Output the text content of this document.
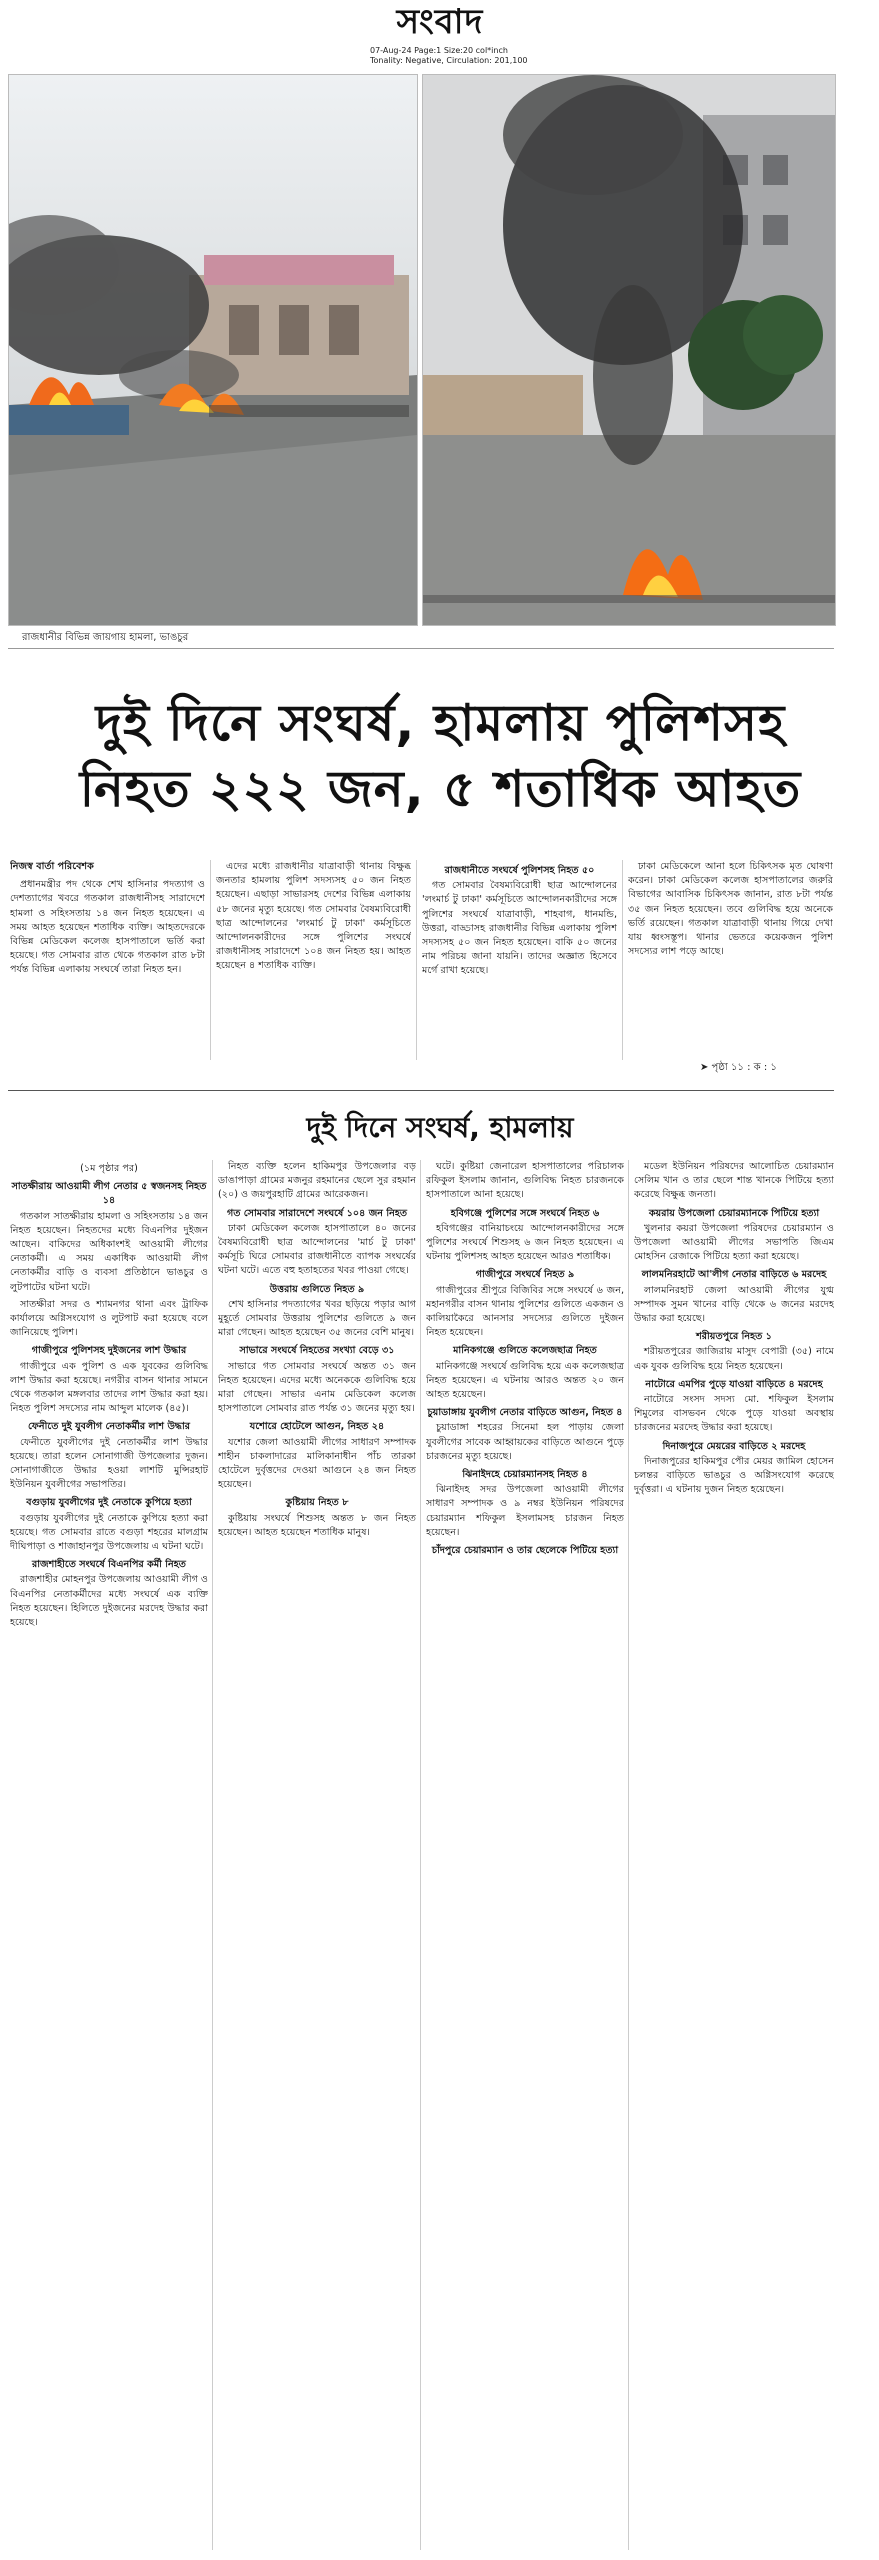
সংবাদ
07-Aug-24 Page:1 Size:20 col*inch
Tonality: Negative, Circulation: 201,100
রাজধানীর বিভিন্ন জায়গায় হামলা, ভাঙচুর
দুই দিনে সংঘর্ষ, হামলায় পুলিশসহ
নিহত ২২২ জন, ৫ শতাধিক আহত
নিজস্ব বার্তা পরিবেশক

প্রধানমন্ত্রীর পদ থেকে শেখ হাসিনার পদত্যাগ ও দেশত্যাগের খবরে গতকাল রাজধানীসহ সারাদেশে হামলা ও সহিংসতায় ১৪ জন নিহত হয়েছেন। এ সময় আহত হয়েছেন শতাধিক ব্যক্তি। আহতদেরকে বিভিন্ন মেডিকেল কলেজ হাসপাতালে ভর্তি করা হয়েছে। গত সোমবার রাত থেকে গতকাল রাত ৮টা পর্যন্ত বিভিন্ন এলাকায় সংঘর্ষে তারা নিহত হন।

এদের মধ্যে রাজধানীর যাত্রাবাড়ী থানায় বিক্ষুব্ধ জনতার হামলায় পুলিশ সদস্যসহ ৫০ জন নিহত হয়েছেন। এছাড়া সাভারসহ দেশের বিভিন্ন এলাকায় ৫৮ জনের মৃত্যু হয়েছে। গত সোমবার বৈষম্যবিরোধী ছাত্র আন্দোলনের 'লংমার্চ টু ঢাকা' কর্মসূচিতে আন্দোলনকারীদের সঙ্গে পুলিশের সংঘর্ষে রাজধানীসহ সারাদেশে ১০৪ জন নিহত হয়। আহত হয়েছেন ৪ শতাধিক ব্যক্তি।

রাজধানীতে সংঘর্ষে পুলিশসহ নিহত ৫০

গত সোমবার বৈষম্যবিরোধী ছাত্র আন্দোলনের 'লংমার্চ টু ঢাকা' কর্মসূচিতে আন্দোলনকারীদের সঙ্গে পুলিশের সংঘর্ষে যাত্রাবাড়ী, শাহবাগ, ধানমন্ডি, উত্তরা, বাড্ডাসহ রাজধানীর বিভিন্ন এলাকায় পুলিশ সদস্যসহ ৫০ জন নিহত হয়েছেন। বাকি ৫০ জনের নাম পরিচয় জানা যায়নি। তাদের অজ্ঞাত হিসেবে মর্গে রাখা হয়েছে।

ঢাকা মেডিকেলে আনা হলে চিকিৎসক মৃত ঘোষণা করেন। ঢাকা মেডিকেল কলেজ হাসপাতালের জরুরি বিভাগের আবাসিক চিকিৎসক জানান, রাত ৮টা পর্যন্ত ৩৫ জন নিহত হয়েছেন। তবে গুলিবিদ্ধ হয়ে অনেকে ভর্তি রয়েছেন। গতকাল যাত্রাবাড়ী থানায় গিয়ে দেখা যায় ধ্বংসস্তূপ। থানার ভেতরে কয়েকজন পুলিশ সদস্যের লাশ পড়ে আছে।

➤ পৃষ্ঠা ১১ : ক : ১
দুই দিনে সংঘর্ষ, হামলায়
(১ম পৃষ্ঠার পর)
সাতক্ষীরায় আওয়ামী লীগ নেতার ৫ স্বজনসহ নিহত ১৪

গতকাল সাতক্ষীরায় হামলা ও সহিংসতায় ১৪ জন নিহত হয়েছেন। নিহতদের মধ্যে বিএনপির দুইজন আছেন। বাকিদের অধিকাংশই আওয়ামী লীগের নেতাকর্মী। এ সময় একাধিক আওয়ামী লীগ নেতাকর্মীর বাড়ি ও ব্যবসা প্রতিষ্ঠানে ভাঙচুর ও লুটপাটের ঘটনা ঘটে।

সাতক্ষীরা সদর ও শ্যামনগর থানা এবং ট্রাফিক কার্যালয়ে অগ্নিসংযোগ ও লুটপাট করা হয়েছে বলে জানিয়েছে পুলিশ।

গাজীপুরে পুলিশসহ দুইজনের লাশ উদ্ধার

গাজীপুরে এক পুলিশ ও এক যুবকের গুলিবিদ্ধ লাশ উদ্ধার করা হয়েছে। নগরীর বাসন থানার সামনে থেকে গতকাল মঙ্গলবার তাদের লাশ উদ্ধার করা হয়। নিহত পুলিশ সদস্যের নাম আব্দুল মালেক (৪৫)।

ফেনীতে দুই যুবলীগ নেতাকর্মীর লাশ উদ্ধার

ফেনীতে যুবলীগের দুই নেতাকর্মীর লাশ উদ্ধার হয়েছে। তারা হলেন সোনাগাজী উপজেলার দুজন। সোনাগাজীতে উদ্ধার হওয়া লাশটি মুন্সিরহাট ইউনিয়ন যুবলীগের সভাপতির।

বগুড়ায় যুবলীগের দুই নেতাকে কুপিয়ে হত্যা

বগুড়ায় যুবলীগের দুই নেতাকে কুপিয়ে হত্যা করা হয়েছে। গত সোমবার রাতে বগুড়া শহরের মালগ্রাম দীঘিপাড়া ও শাজাহানপুর উপজেলায় এ ঘটনা ঘটে।

রাজশাহীতে সংঘর্ষে বিএনপির কর্মী নিহত

রাজশাহীর মোহনপুর উপজেলায় আওয়ামী লীগ ও বিএনপির নেতাকর্মীদের মধ্যে সংঘর্ষে এক ব্যক্তি নিহত হয়েছেন। হিলিতে দুইজনের মরদেহ উদ্ধার করা হয়েছে।

নিহত ব্যক্তি হলেন হাকিমপুর উপজেলার বড় ডাঙাপাড়া গ্রামের মজনুর রহমানের ছেলে সুর রহমান (২০) ও জয়পুরহাটি গ্রামের আরেকজন।

গত সোমবার সারাদেশে সংঘর্ষে ১০৪ জন নিহত

ঢাকা মেডিকেল কলেজ হাসপাতালে ৪০ জনের বৈষম্যবিরোধী ছাত্র আন্দোলনের 'মার্চ টু ঢাকা' কর্মসূচি ঘিরে সোমবার রাজধানীতে ব্যাপক সংঘর্ষের ঘটনা ঘটে। এতে বহু হতাহতের খবর পাওয়া গেছে।

উত্তরায় গুলিতে নিহত ৯

শেখ হাসিনার পদত্যাগের খবর ছড়িয়ে পড়ার আগ মুহূর্তে সোমবার উত্তরায় পুলিশের গুলিতে ৯ জন মারা গেছেন। আহত হয়েছেন ৩৫ জনের বেশি মানুষ।

সাভারে সংঘর্ষে নিহতের সংখ্যা বেড়ে ৩১

সাভারে গত সোমবার সংঘর্ষে অন্তত ৩১ জন নিহত হয়েছেন। এদের মধ্যে অনেককে গুলিবিদ্ধ হয়ে মারা গেছেন। সাভার এনাম মেডিকেল কলেজ হাসপাতালে সোমবার রাত পর্যন্ত ৩১ জনের মৃত্যু হয়।

যশোরে হোটেলে আগুন, নিহত ২৪

যশোর জেলা আওয়ামী লীগের সাধারণ সম্পাদক শাহীন চাকলাদারের মালিকানাধীন পাঁচ তারকা হোটেলে দুর্বৃত্তদের দেওয়া আগুনে ২৪ জন নিহত হয়েছেন।

কুষ্টিয়ায় নিহত ৮

কুষ্টিয়ায় সংঘর্ষে শিশুসহ অন্তত ৮ জন নিহত হয়েছেন। আহত হয়েছেন শতাধিক মানুষ।

ঘটে। কুষ্টিয়া জেনারেল হাসপাতালের পরিচালক রফিকুল ইসলাম জানান, গুলিবিদ্ধ নিহত চারজনকে হাসপাতালে আনা হয়েছে।

হবিগঞ্জে পুলিশের সঙ্গে সংঘর্ষে নিহত ৬

হবিগঞ্জের বানিয়াচংয়ে আন্দোলনকারীদের সঙ্গে পুলিশের সংঘর্ষে শিশুসহ ৬ জন নিহত হয়েছেন। এ ঘটনায় পুলিশসহ আহত হয়েছেন আরও শতাধিক।

গাজীপুরে সংঘর্ষে নিহত ৯

গাজীপুরের শ্রীপুরে বিজিবির সঙ্গে সংঘর্ষে ৬ জন, মহানগরীর বাসন থানায় পুলিশের গুলিতে একজন ও কালিয়াকৈরে আনসার সদস্যের গুলিতে দুইজন নিহত হয়েছেন।

মানিকগঞ্জে গুলিতে কলেজছাত্র নিহত

মানিকগঞ্জে সংঘর্ষে গুলিবিদ্ধ হয়ে এক কলেজছাত্র নিহত হয়েছেন। এ ঘটনায় আরও অন্তত ২০ জন আহত হয়েছেন।

চুয়াডাঙ্গায় যুবলীগ নেতার বাড়িতে আগুন, নিহত ৪

চুয়াডাঙ্গা শহরের সিনেমা হল পাড়ায় জেলা যুবলীগের সাবেক আহ্বায়কের বাড়িতে আগুনে পুড়ে চারজনের মৃত্যু হয়েছে।

ঝিনাইদহে চেয়ারম্যানসহ নিহত ৪

ঝিনাইদহ সদর উপজেলা আওয়ামী লীগের সাধারণ সম্পাদক ও ৯ নম্বর ইউনিয়ন পরিষদের চেয়ারম্যান শফিকুল ইসলামসহ চারজন নিহত হয়েছেন।

চাঁদপুরে চেয়ারম্যান ও তার ছেলেকে পিটিয়ে হত্যা

মডেল ইউনিয়ন পরিষদের আলোচিত চেয়ারম্যান সেলিম খান ও তার ছেলে শান্ত খানকে পিটিয়ে হত্যা করেছে বিক্ষুব্ধ জনতা।

কয়রায় উপজেলা চেয়ারম্যানকে পিটিয়ে হত্যা

খুলনার কয়রা উপজেলা পরিষদের চেয়ারম্যান ও উপজেলা আওয়ামী লীগের সভাপতি জিএম মোহসিন রেজাকে পিটিয়ে হত্যা করা হয়েছে।

লালমনিরহাটে আ'লীগ নেতার বাড়িতে ৬ মরদেহ

লালমনিরহাট জেলা আওয়ামী লীগের যুগ্ম সম্পাদক সুমন খানের বাড়ি থেকে ৬ জনের মরদেহ উদ্ধার করা হয়েছে।

শরীয়তপুরে নিহত ১

শরীয়তপুরের জাজিরায় মাসুদ বেপারী (৩৫) নামে এক যুবক গুলিবিদ্ধ হয়ে নিহত হয়েছেন।

নাটোরে এমপির পুড়ে যাওয়া বাড়িতে ৪ মরদেহ

নাটোরে সংসদ সদস্য মো. শফিকুল ইসলাম শিমুলের বাসভবন থেকে পুড়ে যাওয়া অবস্থায় চারজনের মরদেহ উদ্ধার করা হয়েছে।

দিনাজপুরে মেয়রের বাড়িতে ২ মরদেহ

দিনাজপুরের হাকিমপুর পৌর মেয়র জামিল হোসেন চলন্তর বাড়িতে ভাঙচুর ও অগ্নিসংযোগ করেছে দুর্বৃত্তরা। এ ঘটনায় দুজন নিহত হয়েছেন।
